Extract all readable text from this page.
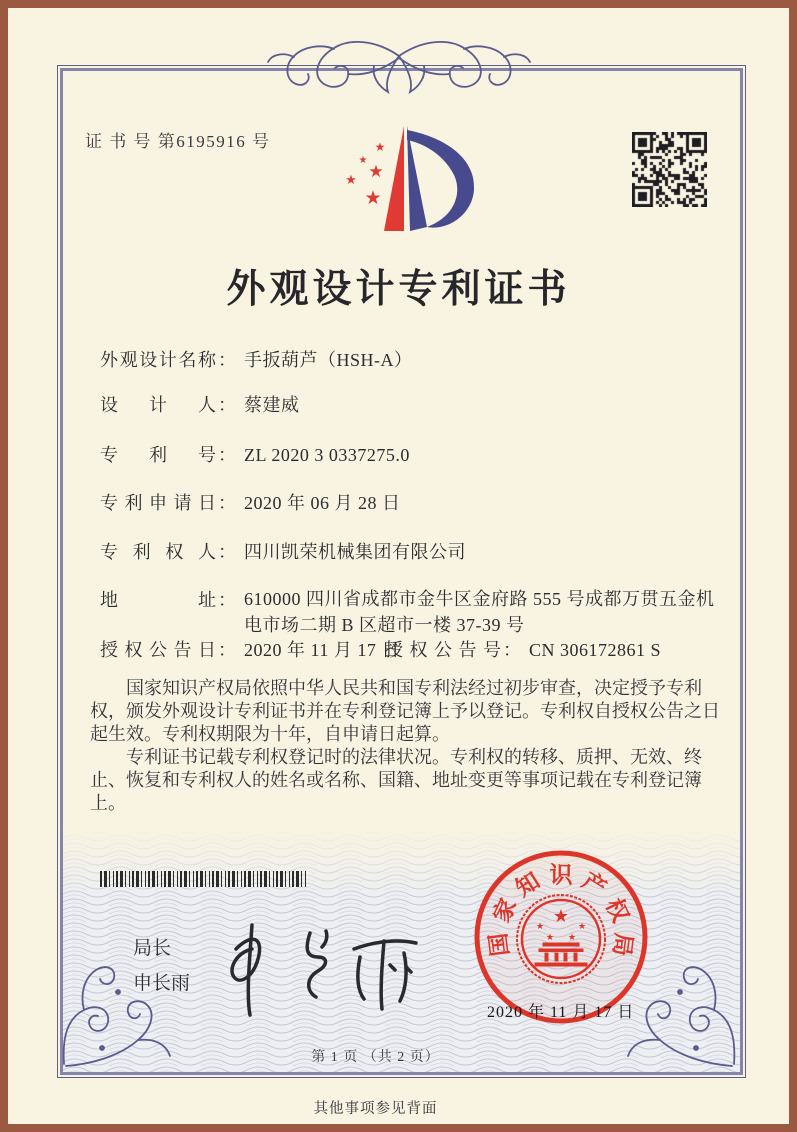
证 书 号 第6195916 号	★
★
★
★
★
外观设计专利证书
外观设计名称 ： 手扳葫芦（HSH-A）
设计人 ： 蔡建威
专利号 ： ZL 2020 3 0337275.0
专利申请日 ： 2020 年 06 月 28 日
专利权人 ： 四川凯荣机械集团有限公司
地址 ： 610000 四川省成都市金牛区金府路 555 号成都万贯五金机电市场二期 B 区超市一楼 37-39 号
授权公告日 ： 2020 年 11 月 17 日
授权公告号 ： CN 306172861 S

国家知识产权局依照中华人民共和国专利法经过初步审查，决定授予专利权，颁发外观设计专利证书并在专利登记簿上予以登记。专利权自授权公告之日起生效。专利权期限为十年，自申请日起算。

专利证书记载专利权登记时的法律状况。专利权的转移、质押、无效、终止、恢复和专利权人的姓名或名称、国籍、地址变更等事项记载在专利登记簿上。

局长
申长雨
国
家
知 识 产
权
局
★
★	★
★ ★
2020 年 11 月 17 日
第 1 页 （共 2 页）
其他事项参见背面
